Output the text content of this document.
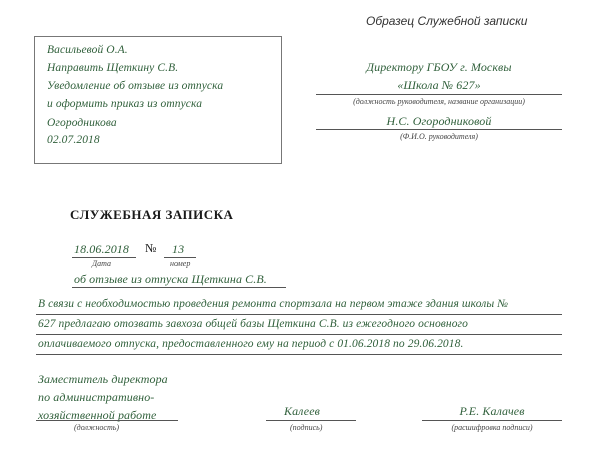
Образец Служебной записки
Васильевой О.А.
Направить Щеткину С.В.
Уведомление об отзыве из отпуска
и оформить приказ из отпуска
Огородникова
02.07.2018
Директору ГБОУ г. Москвы
«Школа № 627»
(должность руководителя, название организации)
Н.С. Огородниковой
(Ф.И.О. руководителя)
СЛУЖЕБНАЯ ЗАПИСКА
18.06.2018 № 13
Дата	номер
об отзыве из отпуска Щеткина С.В.
В связи с необходимостью проведения ремонта спортзала на первом этаже здания школы №
627 предлагаю отозвать завхоза общей базы Щеткина С.В. из ежегодного основного
оплачиваемого отпуска, предоставленного ему на период с 01.06.2018 по 29.06.2018.
Заместитель директора
по административно-
хозяйственной работе
(должность)
Калеев
(подпись)
Р.Е. Калачев
(расшифровка подписи)
